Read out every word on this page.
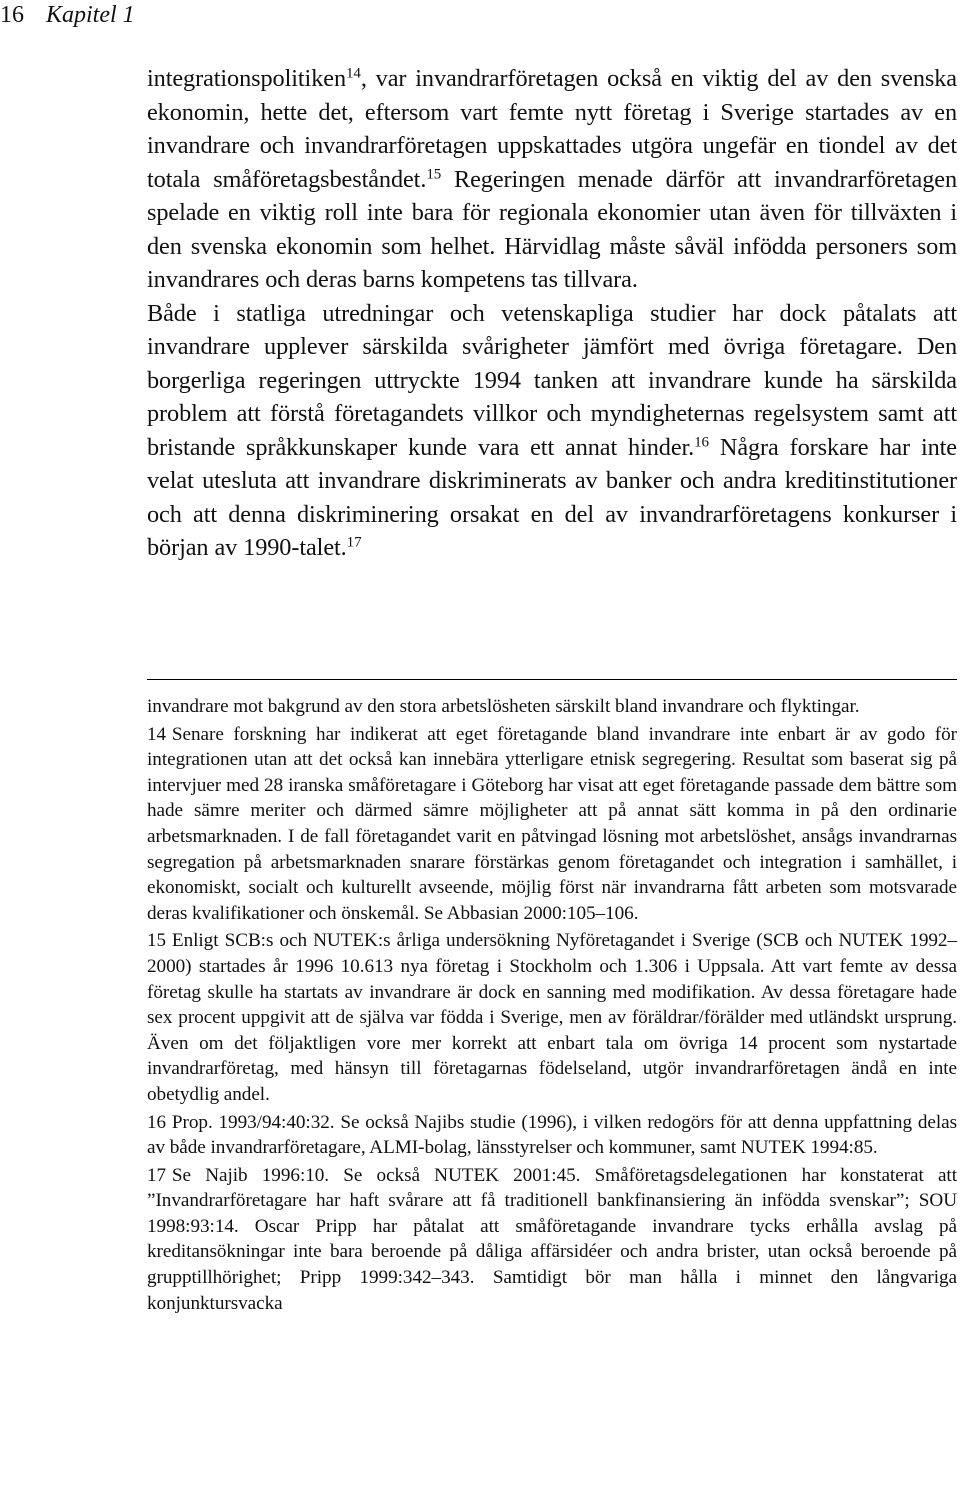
16 Kapitel 1

integrationspolitiken$^{14}$, var invandrarföretagen också en viktig del av den svenska ekonomin, hette det, eftersom vart femte nytt företag i Sverige startades av en invandrare och invandrarföretagen uppskattades utgöra ungefär en tiondel av det totala småföretagsbeståndet.$^{15}$ Regeringen menade därför att invandrarföretagen spelade en viktig roll inte bara för regionala ekonomier utan även för tillväxten i den svenska ekonomin som helhet. Härvidlag måste såväl infödda personers som invandrares och deras barns kompetens tas tillvara.

Både i statliga utredningar och vetenskapliga studier har dock påtalats att invandrare upplever särskilda svårigheter jämfört med övriga företagare. Den borgerliga regeringen uttryckte 1994 tanken att invandrare kunde ha särskilda problem att förstå företagandets villkor och myndigheternas regelsystem samt att bristande språkkunskaper kunde vara ett annat hinder.$^{16}$ Några forskare har inte velat utesluta att invandrare diskriminerats av banker och andra kreditinstitutioner och att denna diskriminering orsakat en del av invandrarföretagens konkurser i början av 1990-talet.$^{17}$

invandrare mot bakgrund av den stora arbetslösheten särskilt bland invandrare och flyktingar.

14 Senare forskning har indikerat att eget företagande bland invandrare inte enbart är av godo för integrationen utan att det också kan innebära ytterligare etnisk segregering. Resultat som baserat sig på intervjuer med 28 iranska småföretagare i Göteborg har visat att eget företagande passade dem bättre som hade sämre meriter och därmed sämre möjligheter att på annat sätt komma in på den ordinarie arbetsmarknaden. I de fall företagandet varit en påtvingad lösning mot arbetslöshet, ansågs invandrarnas segregation på arbetsmarknaden snarare förstärkas genom företagandet och integration i samhället, i ekonomiskt, socialt och kulturellt avseende, möjlig först när invandrarna fått arbeten som motsvarade deras kvalifikationer och önskemål. Se Abbasian 2000:105–106.

15 Enligt SCB:s och NUTEK:s årliga undersökning Nyföretagandet i Sverige (SCB och NUTEK 1992–2000) startades år 1996 10.613 nya företag i Stockholm och 1.306 i Uppsala. Att vart femte av dessa företag skulle ha startats av invandrare är dock en sanning med modifikation. Av dessa företagare hade sex procent uppgivit att de själva var födda i Sverige, men av föräldrar/förälder med utländskt ursprung. Även om det följaktligen vore mer korrekt att enbart tala om övriga 14 procent som nystartade invandrarföretag, med hänsyn till företagarnas födelseland, utgör invandrarföretagen ändå en inte obetydlig andel.

16 Prop. 1993/94:40:32. Se också Najibs studie (1996), i vilken redogörs för att denna uppfattning delas av både invandrarföretagare, ALMI-bolag, länsstyrelser och kommuner, samt NUTEK 1994:85.

17 Se Najib 1996:10. Se också NUTEK 2001:45. Småföretagsdelegationen har konstaterat att ”Invandrarföretagare har haft svårare att få traditionell bankfinansiering än infödda svenskar”; SOU 1998:93:14. Oscar Pripp har påtalat att småföretagande invandrare tycks erhålla avslag på kreditansökningar inte bara beroende på dåliga affärsidéer och andra brister, utan också beroende på grupptillhörighet; Pripp 1999:342–343. Samtidigt bör man hålla i minnet den långvariga konjunktursvacka
